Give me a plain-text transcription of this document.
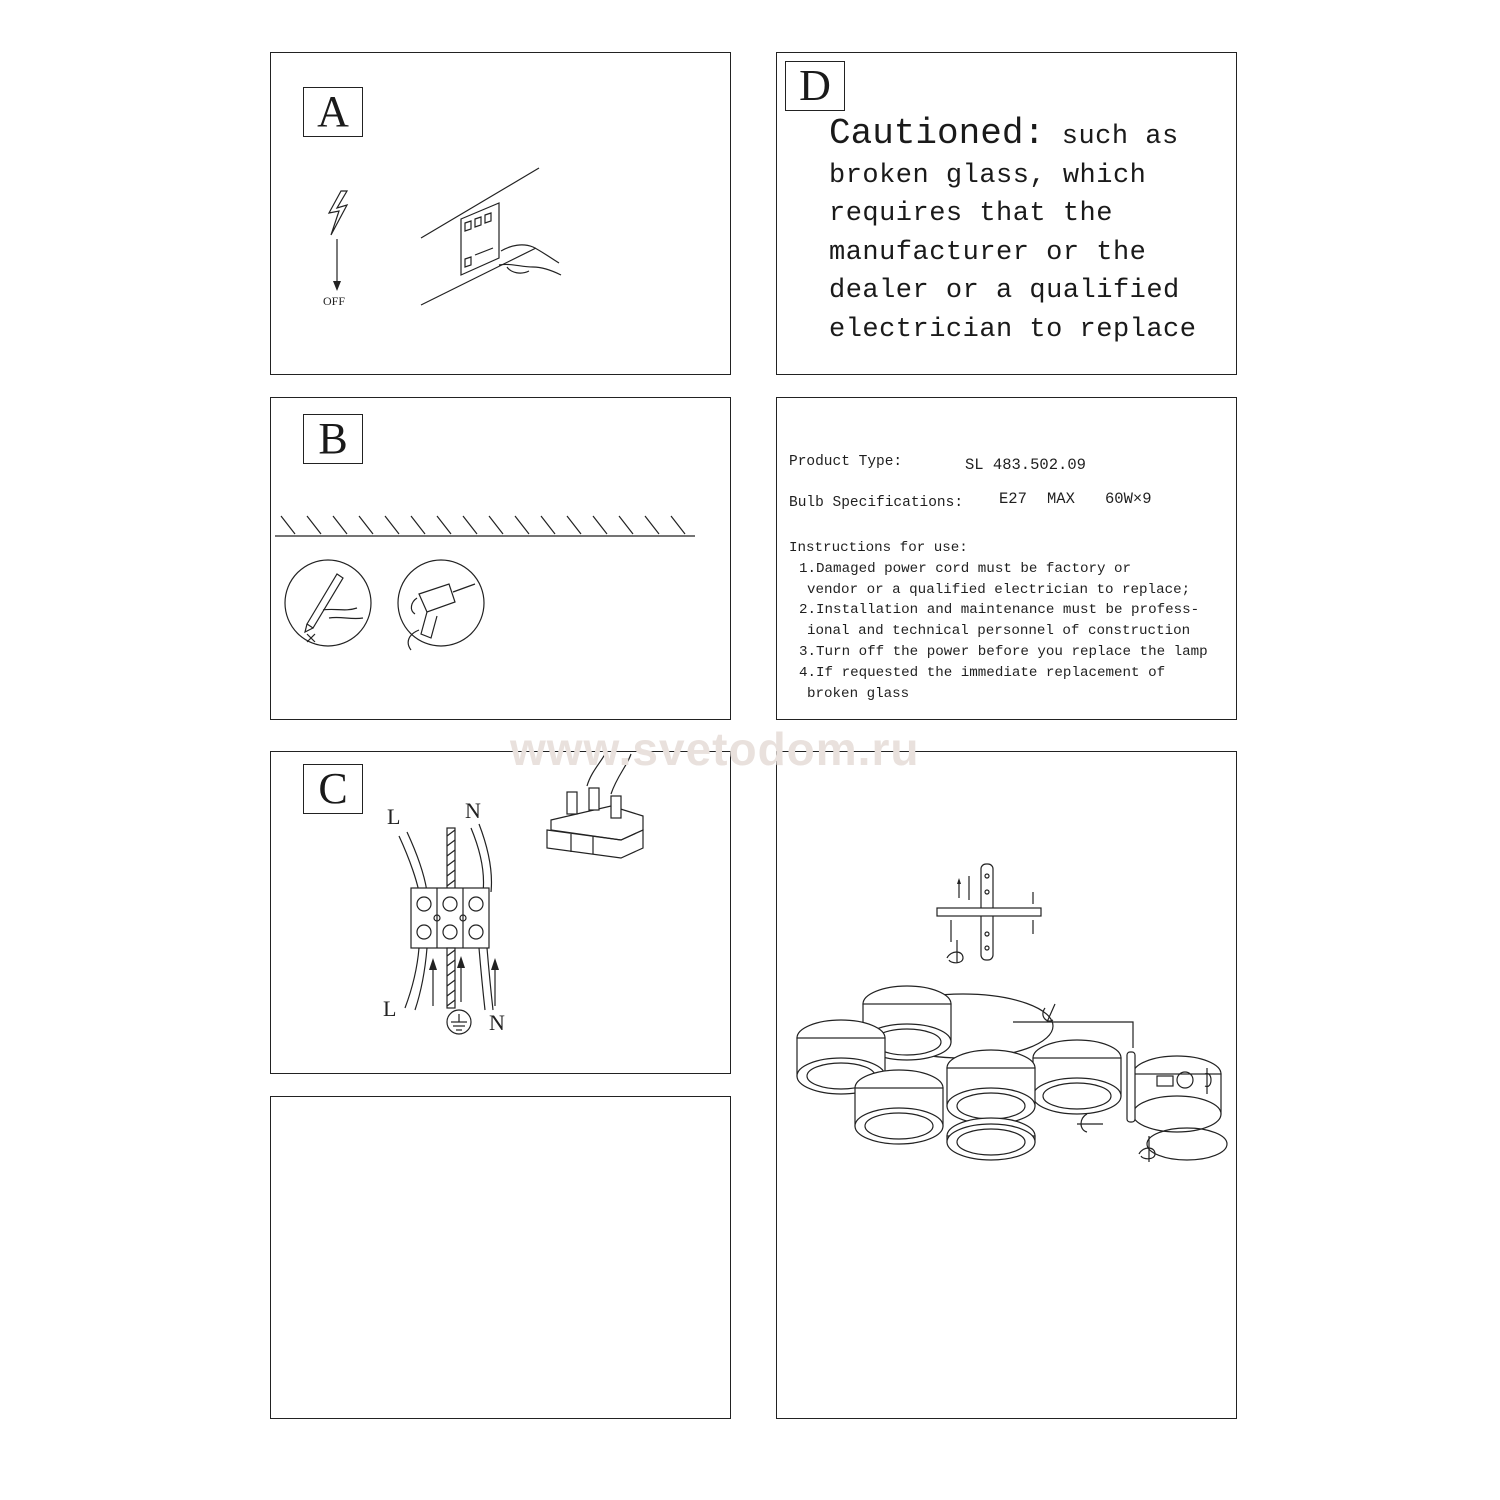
A
OFF
D
Cautioned: such as
broken glass, which
requires that the
manufacturer or the
dealer or a qualified
electrician to replace
B	Product Type:	SL 483.502.09
Bulb Specifications: E27 MAX 60W×9
Instructions for use:
1.Damaged power cord must be factory or
vendor or a qualified electrician to replace;
2.Installation and maintenance must be profess-
ional and technical personnel of construction
3.Turn off the power before you replace the lamp
4.If requested the immediate replacement of
broken glass
C
L	N
L
N
www.svetodom.ru
